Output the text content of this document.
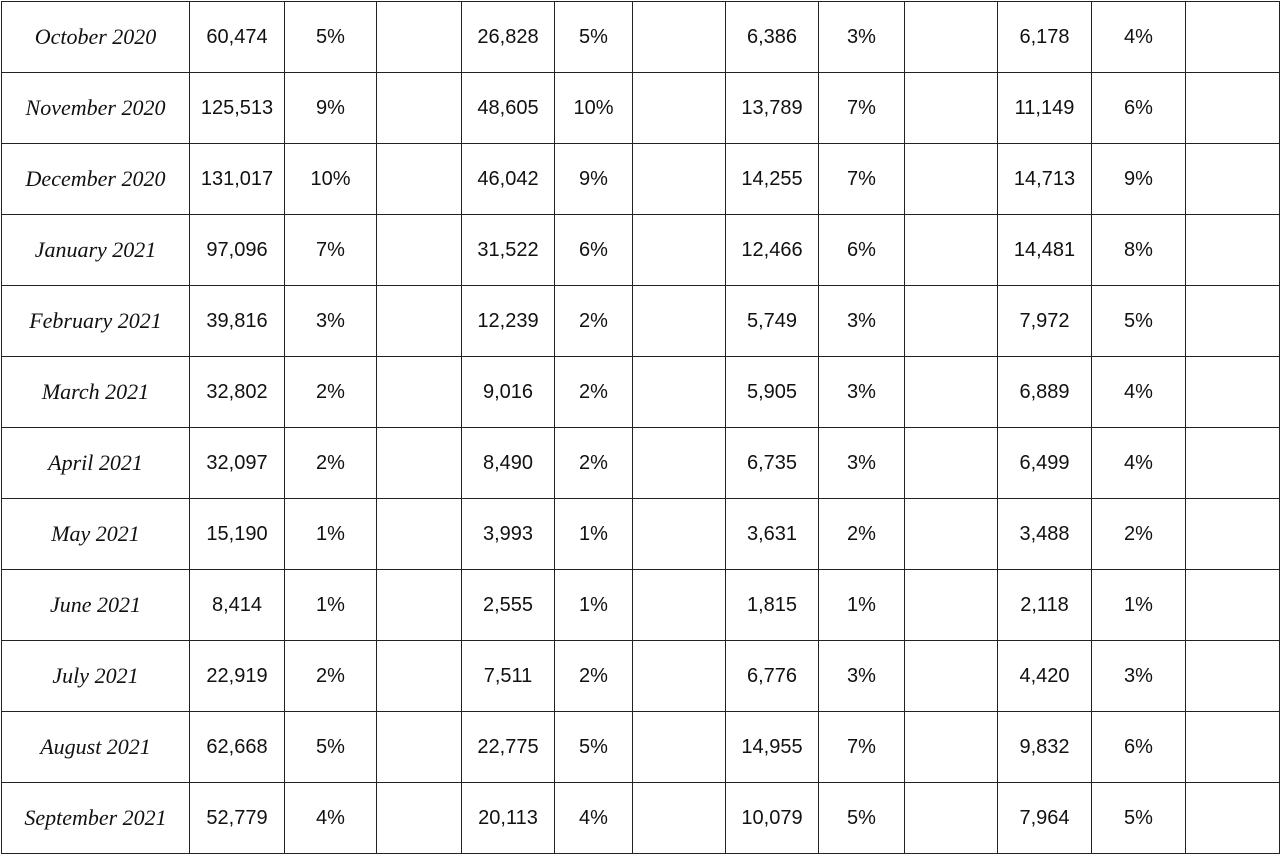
October 2020	60,474	5%		26,828	5%		6,386	3%		6,178	4%	
November 2020	125,513	9%		48,605	10%		13,789	7%		11,149	6%	
December 2020	131,017	10%		46,042	9%		14,255	7%		14,713	9%	
January 2021	97,096	7%		31,522	6%		12,466	6%		14,481	8%	
February 2021	39,816	3%		12,239	2%		5,749	3%		7,972	5%	
March 2021	32,802	2%		9,016	2%		5,905	3%		6,889	4%	
April 2021	32,097	2%		8,490	2%		6,735	3%		6,499	4%	
May 2021	15,190	1%		3,993	1%		3,631	2%		3,488	2%	
June 2021	8,414	1%		2,555	1%		1,815	1%		2,118	1%	
July 2021	22,919	2%		7,511	2%		6,776	3%		4,420	3%	
August 2021	62,668	5%		22,775	5%		14,955	7%		9,832	6%	
September 2021	52,779	4%		20,113	4%		10,079	5%		7,964	5%	
